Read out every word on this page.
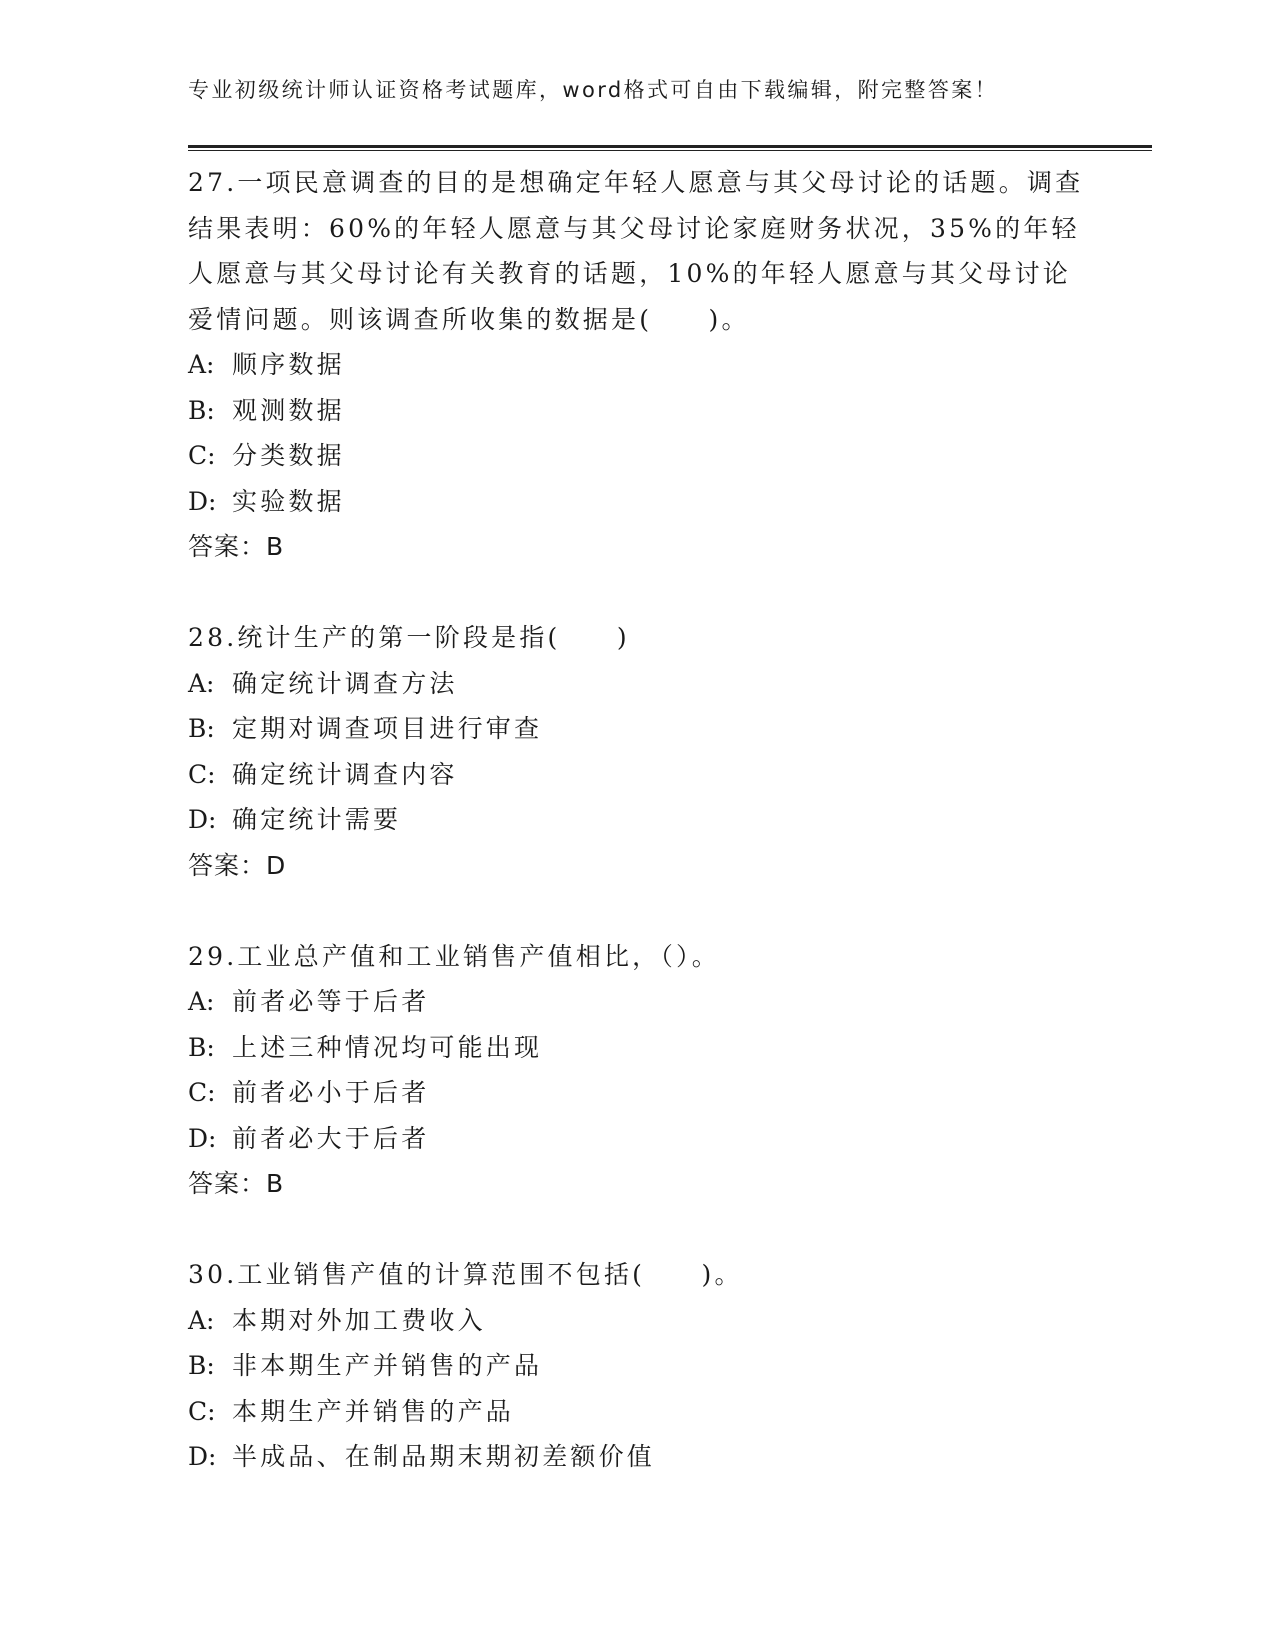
专业初级统计师认证资格考试题库，word格式可自由下载编辑，附完整答案！

27.一项民意调查的目的是想确定年轻人愿意与其父母讨论的话题。调查结果表明：60%的年轻人愿意与其父母讨论家庭财务状况，35%的年轻人愿意与其父母讨论有关教育的话题，10%的年轻人愿意与其父母讨论爱情问题。则该调查所收集的数据是(　　)。

A: 顺序数据
B: 观测数据
C: 分类数据
D: 实验数据

答案：B

28.统计生产的第一阶段是指(　　)

A: 确定统计调查方法
B: 定期对调查项目进行审查
C: 确定统计调查内容
D: 确定统计需要

答案：D

29.工业总产值和工业销售产值相比，（）。

A: 前者必等于后者
B: 上述三种情况均可能出现
C: 前者必小于后者
D: 前者必大于后者

答案：B

30.工业销售产值的计算范围不包括(　　)。

A: 本期对外加工费收入
B: 非本期生产并销售的产品
C: 本期生产并销售的产品
D: 半成品、在制品期末期初差额价值
